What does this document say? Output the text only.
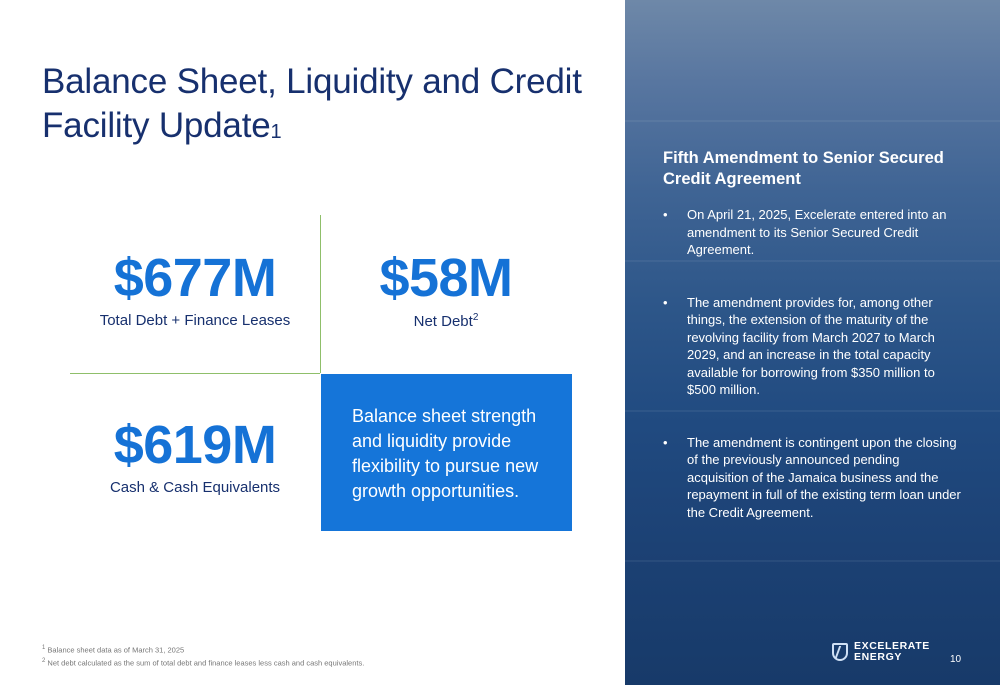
Balance Sheet, Liquidity and Credit Facility Update$^1$
$677M
Total Debt + Finance Leases
$58M
Net Debt$^2$
$619M
Cash & Cash Equivalents
Balance sheet strength and liquidity provide flexibility to pursue new growth opportunities.
$^1$ Balance sheet data as of March 31, 2025
$^2$ Net debt calculated as the sum of total debt and finance leases less cash and cash equivalents.
Fifth Amendment to Senior Secured Credit Agreement
• On April 21, 2025, Excelerate entered into an amendment to its Senior Secured Credit Agreement.
• The amendment provides for, among other things, the extension of the maturity of the revolving facility from March 2027 to March 2029, and an increase in the total capacity available for borrowing from $350 million to $500 million.
• The amendment is contingent upon the closing of the previously announced pending acquisition of the Jamaica business and the repayment in full of the existing term loan under the Credit Agreement.
EXCELERATE
ENERGY	10
